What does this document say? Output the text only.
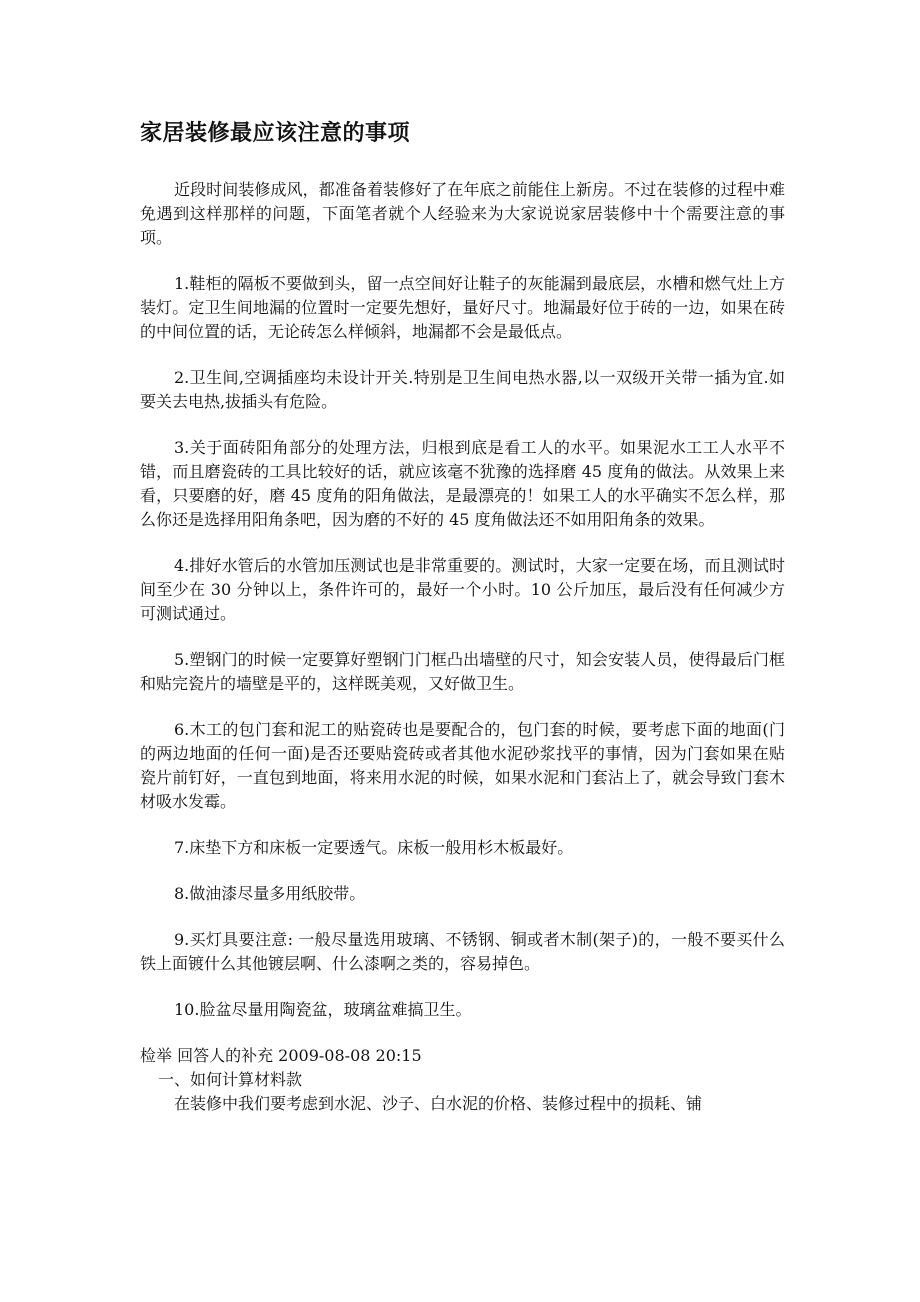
家居装修最应该注意的事项

近段时间装修成风，都准备着装修好了在年底之前能住上新房。不过在装修的过程中难免遇到这样那样的问题，下面笔者就个人经验来为大家说说家居装修中十个需要注意的事项。

1.鞋柜的隔板不要做到头，留一点空间好让鞋子的灰能漏到最底层，水槽和燃气灶上方装灯。定卫生间地漏的位置时一定要先想好，量好尺寸。地漏最好位于砖的一边，如果在砖的中间位置的话，无论砖怎么样倾斜，地漏都不会是最低点。

2.卫生间,空调插座均未设计开关.特别是卫生间电热水器,以一双级开关带一插为宜.如要关去电热,拔插头有危险。

3.关于面砖阳角部分的处理方法，归根到底是看工人的水平。如果泥水工工人水平不错，而且磨瓷砖的工具比较好的话，就应该毫不犹豫的选择磨 45 度角的做法。从效果上来看，只要磨的好，磨 45 度角的阳角做法，是最漂亮的！如果工人的水平确实不怎么样，那么你还是选择用阳角条吧，因为磨的不好的 45 度角做法还不如用阳角条的效果。

4.排好水管后的水管加压测试也是非常重要的。测试时，大家一定要在场，而且测试时间至少在 30 分钟以上，条件许可的，最好一个小时。10 公斤加压，最后没有任何减少方可测试通过。

5.塑钢门的时候一定要算好塑钢门门框凸出墙壁的尺寸，知会安装人员，使得最后门框和贴完瓷片的墙壁是平的，这样既美观，又好做卫生。

6.木工的包门套和泥工的贴瓷砖也是要配合的，包门套的时候，要考虑下面的地面(门的两边地面的任何一面)是否还要贴瓷砖或者其他水泥砂浆找平的事情，因为门套如果在贴瓷片前钉好，一直包到地面，将来用水泥的时候，如果水泥和门套沾上了，就会导致门套木材吸水发霉。

7.床垫下方和床板一定要透气。床板一般用杉木板最好。

8.做油漆尽量多用纸胶带。

9.买灯具要注意: 一般尽量选用玻璃、不锈钢、铜或者木制(架子)的，一般不要买什么铁上面镀什么其他镀层啊、什么漆啊之类的，容易掉色。

10.脸盆尽量用陶瓷盆，玻璃盆难搞卫生。

检举 回答人的补充 2009-08-08 20:15
一、如何计算材料款
在装修中我们要考虑到水泥、沙子、白水泥的价格、装修过程中的损耗、铺
